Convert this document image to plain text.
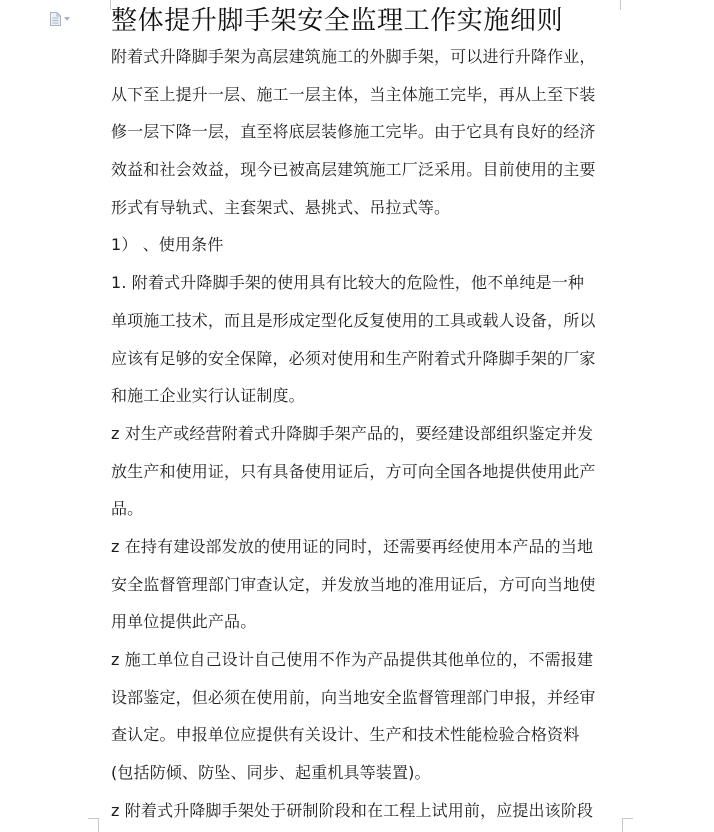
整体提升脚手架安全监理工作实施细则
附着式升降脚手架为高层建筑施工的外脚手架，可以进行升降作业，
从下至上提升一层、施工一层主体，当主体施工完毕，再从上至下装
修一层下降一层，直至将底层装修施工完毕。由于它具有良好的经济
效益和社会效益，现今已被高层建筑施工厂泛采用。目前使用的主要
形式有导轨式、主套架式、悬挑式、吊拉式等。
1） 、使用条件
1. 附着式升降脚手架的使用具有比较大的危险性，他不单纯是一种
单项施工技术，而且是形成定型化反复使用的工具或载人设备，所以
应该有足够的安全保障，必须对使用和生产附着式升降脚手架的厂家
和施工企业实行认证制度。
z 对生产或经营附着式升降脚手架产品的，要经建设部组织鉴定并发
放生产和使用证，只有具备使用证后，方可向全国各地提供使用此产
品。
z 在持有建设部发放的使用证的同时，还需要再经使用本产品的当地
安全监督管理部门审查认定，并发放当地的准用证后，方可向当地使
用单位提供此产品。
z 施工单位自己设计自己使用不作为产品提供其他单位的，不需报建
设部鉴定，但必须在使用前，向当地安全监督管理部门申报，并经审
查认定。申报单位应提供有关设计、生产和技术性能检验合格资料
(包括防倾、防坠、同步、起重机具等装置)。
z 附着式升降脚手架处于研制阶段和在工程上试用前，应提出该阶段
